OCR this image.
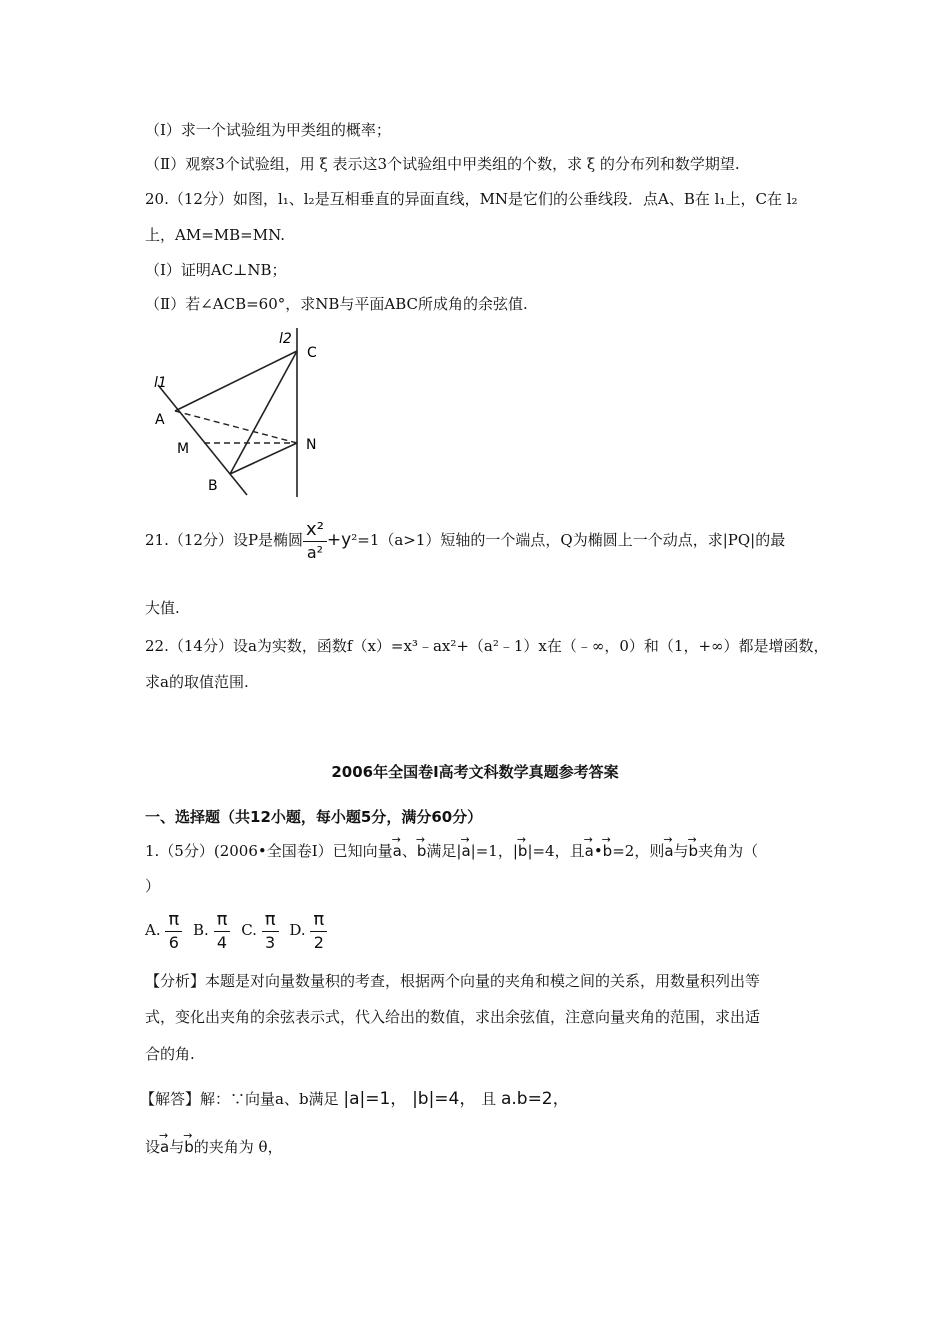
（Ⅰ）求一个试验组为甲类组的概率；
（Ⅱ）观察3个试验组，用 ξ 表示这3个试验组中甲类组的个数，求 ξ 的分布列和数学期望.
20.（12分）如图，l₁、l₂是互相垂直的异面直线，MN是它们的公垂线段．点A、B在 l₁上，C在 l₂
上，AM=MB=MN.
（Ⅰ）证明AC⊥NB；
（Ⅱ）若∠ACB=60°，求NB与平面ABC所成角的余弦值.
l2
l1
C
A
M	N
B
21.（12分）设P是椭圆 $\frac{\text{x²}}{\text{a²}} +y^2=1(a>1)$短轴的一个端点，Q为椭圆上一个动点，求|PQ|的最
大值.
22.（14分）设a为实数，函数f（x）=x³﹣ax²+（a²﹣1）x在（﹣∞，0）和（1，+∞）都是增函数，
求a的取值范围.
2006年全国卷Ⅰ高考文科数学真题参考答案
一、选择题（共12小题，每小题5分，满分60分）
1.（5分）(2006•全国卷Ⅰ）已知向量→ a、→ b满足|→ a|=1，|→ b|=4，且→ a•→ b=2，则→ a与→ b夹角为（
）
A. $\frac{\pi}{6} B$. $\frac{\pi}{4} C$. $\frac{\pi}{3} D$. $\frac{\pi}{2}$
【分析】本题是对向量数量积的考查，根据两个向量的夹角和模之间的关系，用数量积列出等
式，变化出夹角的余弦表示式，代入给出的数值，求出余弦值，注意向量夹角的范围，求出适
合的角.
【解答】解：∵向量a、b满足 |a|=1， |b|=4， 且 a.b=2，
设→ a与→ b的夹角为 θ，
